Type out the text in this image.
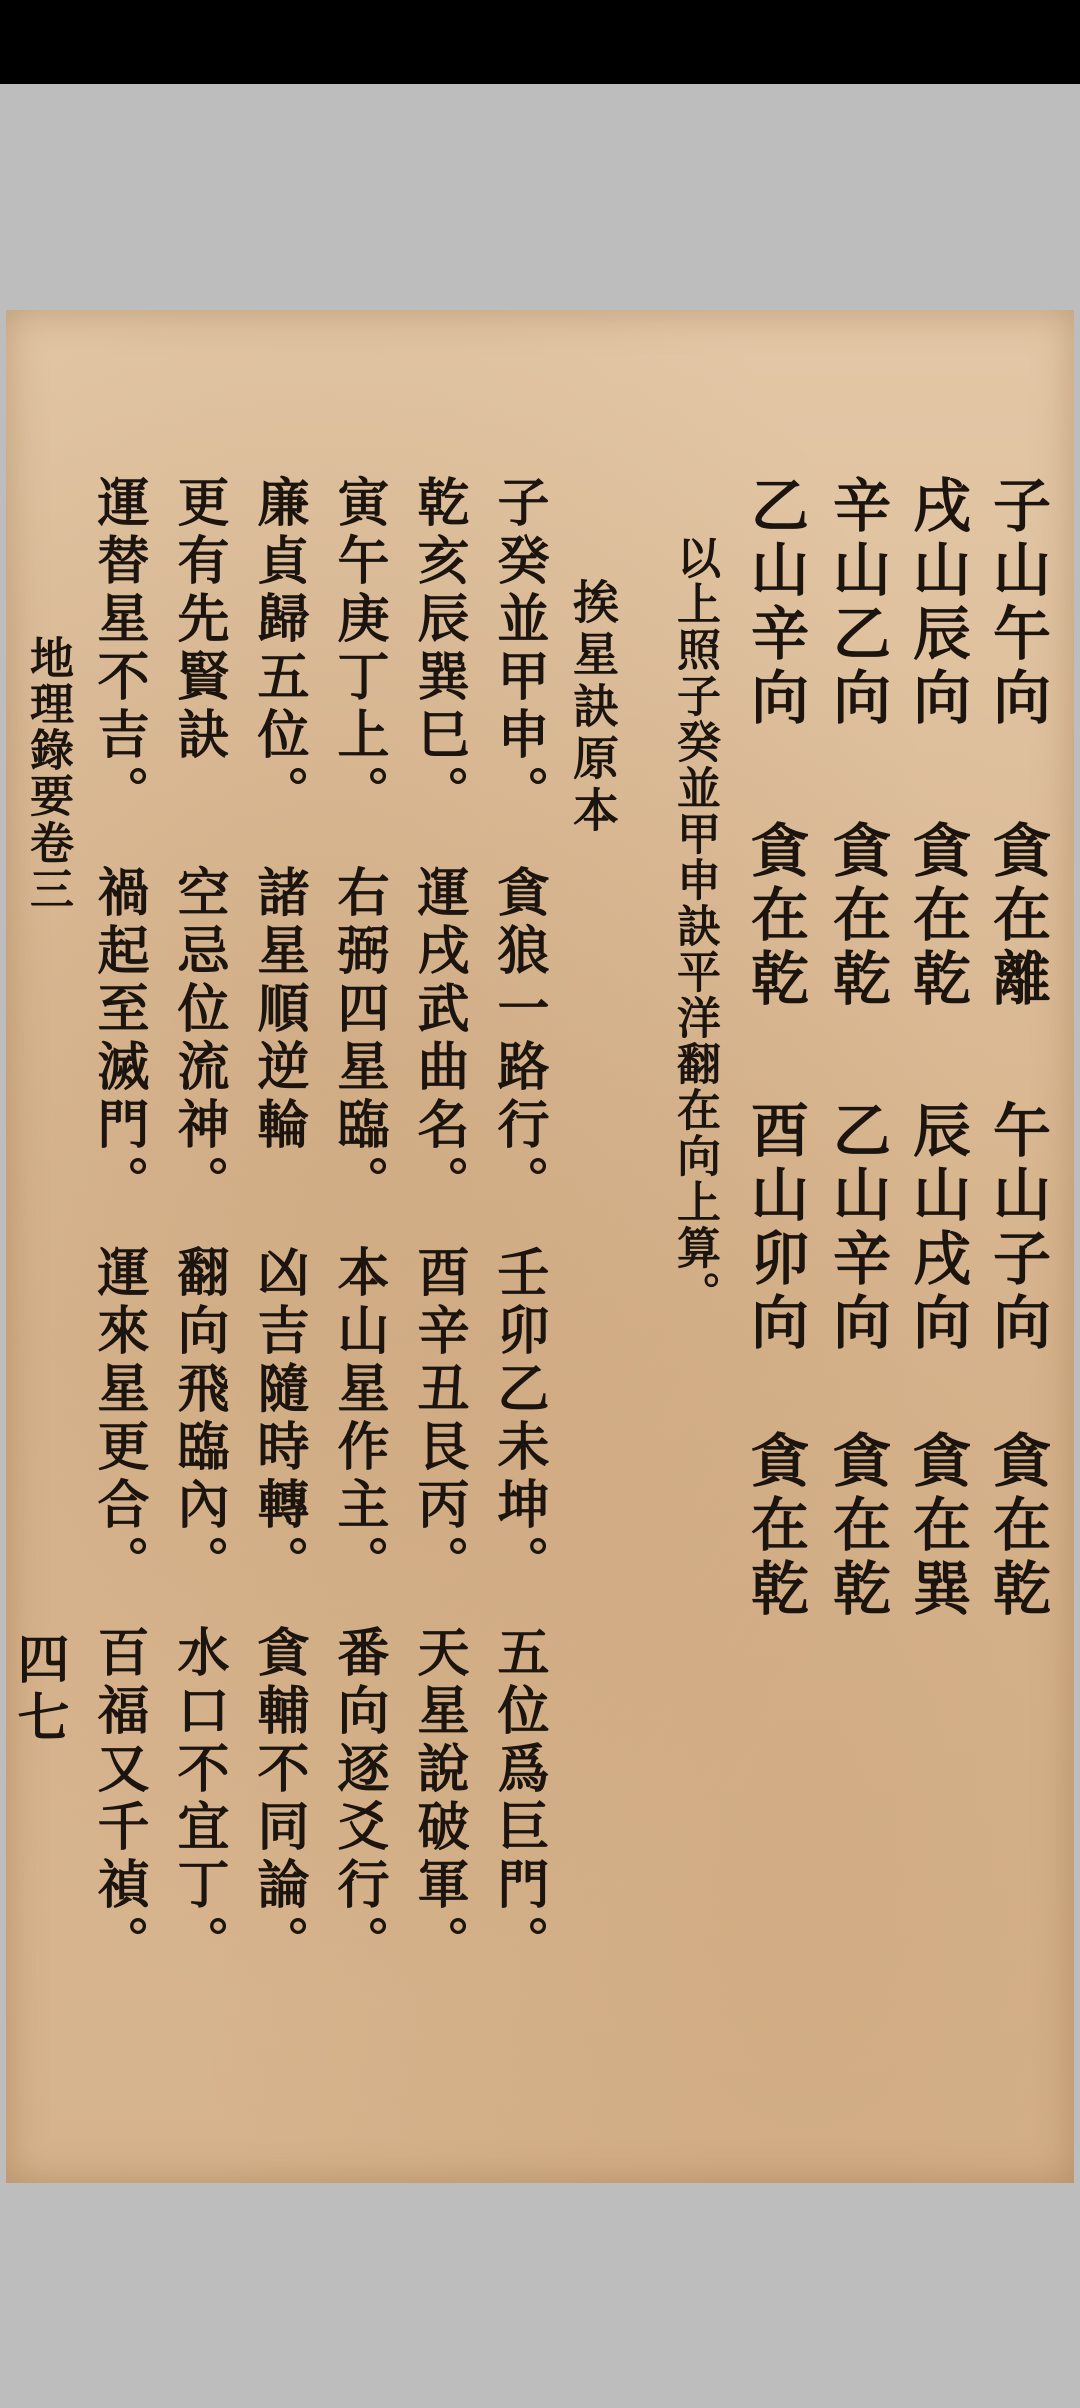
子山午向
貪在離
午山子向
貪在乾
戌山辰向
貪在乾
辰山戌向
貪在巽
辛山乙向
貪在乾
乙山辛向
貪在乾
乙山辛向
貪在乾
酉山卯向
貪在乾
以上照子癸並甲申訣平洋翻在向上算。
挨星訣原本
子癸並甲申。
貪狼一路行。
壬卯乙未坤。
五位爲巨門。
乾亥辰巽巳。
運戌武曲名。
酉辛丑艮丙。
天星說破軍。
寅午庚丁上。
右弼四星臨。
本山星作主。
番向逐爻行。
廉貞歸五位。
諸星順逆輪
凶吉隨時轉。
貪輔不同論。
更有先賢訣
空忌位流神。
翻向飛臨內。
水口不宜丁。
運替星不吉。
禍起至滅門。
運來星更合。
百福又千禎。
地理錄要
卷三
四七
